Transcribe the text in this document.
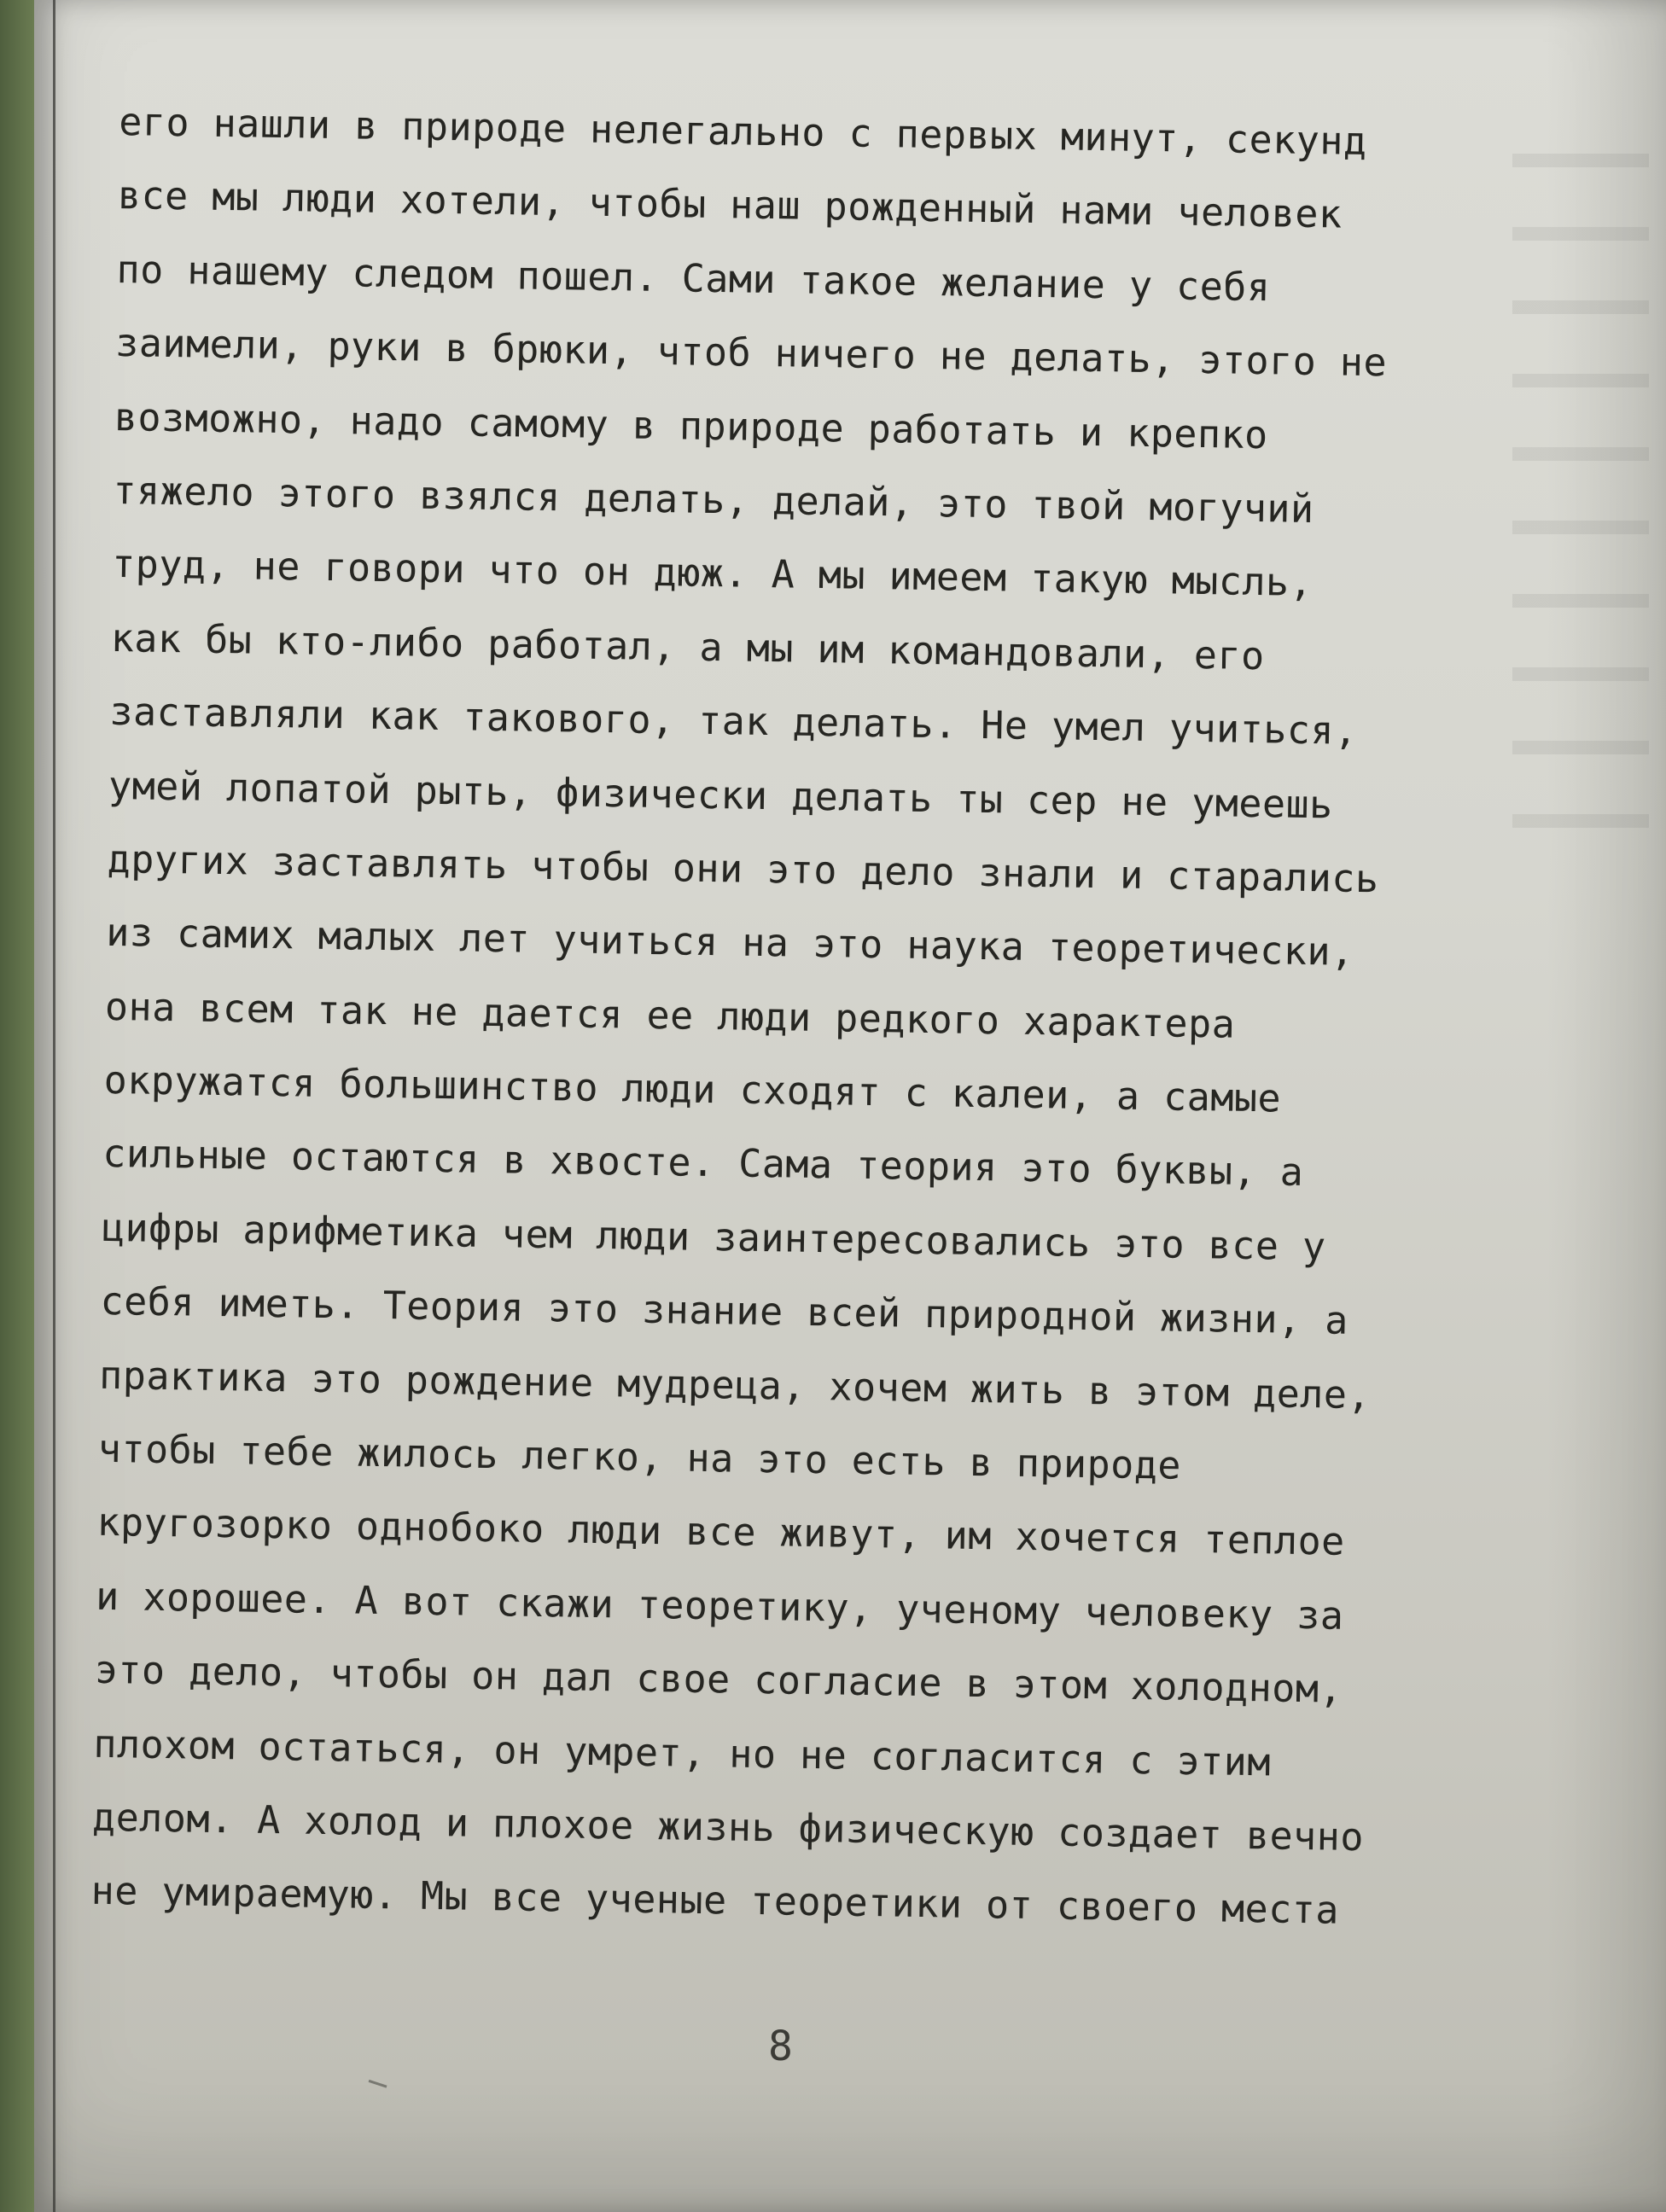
его нашли в природе нелегально с первых минут, секунд
все мы люди хотели, чтобы наш рожденный нами человек
по нашему следом пошел. Сами такое желание у себя
заимели, руки в брюки, чтоб ничего не делать, этого не
возможно, надо самому в природе работать и крепко
тяжело этого взялся делать, делай, это твой могучий
труд, не говори что он дюж. А мы имеем такую мысль,
как бы кто-либо работал, а мы им командовали, его
заставляли как такового, так делать. Не умел учиться,
умей лопатой рыть, физически делать ты сер не умеешь
других заставлять чтобы они это дело знали и старались
из самих малых лет учиться на это наука теоретически,
она всем так не дается ее люди редкого характера
окружатся большинство люди сходят с калеи, а самые
сильные остаются в хвосте. Сама теория это буквы, а
цифры арифметика чем люди заинтересовались это все у
себя иметь. Теория это знание всей природной жизни, а
практика это рождение мудреца, хочем жить в этом деле,
чтобы тебе жилось легко, на это есть в природе
кругозорко однобоко люди все живут, им хочется теплое
и хорошее. А вот скажи теоретику, ученому человеку за
это дело, чтобы он дал свое согласие в этом холодном,
плохом остаться, он умрет, но не согласится с этим
делом. А холод и плохое жизнь физическую создает вечно
не умираемую. Мы все ученые теоретики от своего места
8
